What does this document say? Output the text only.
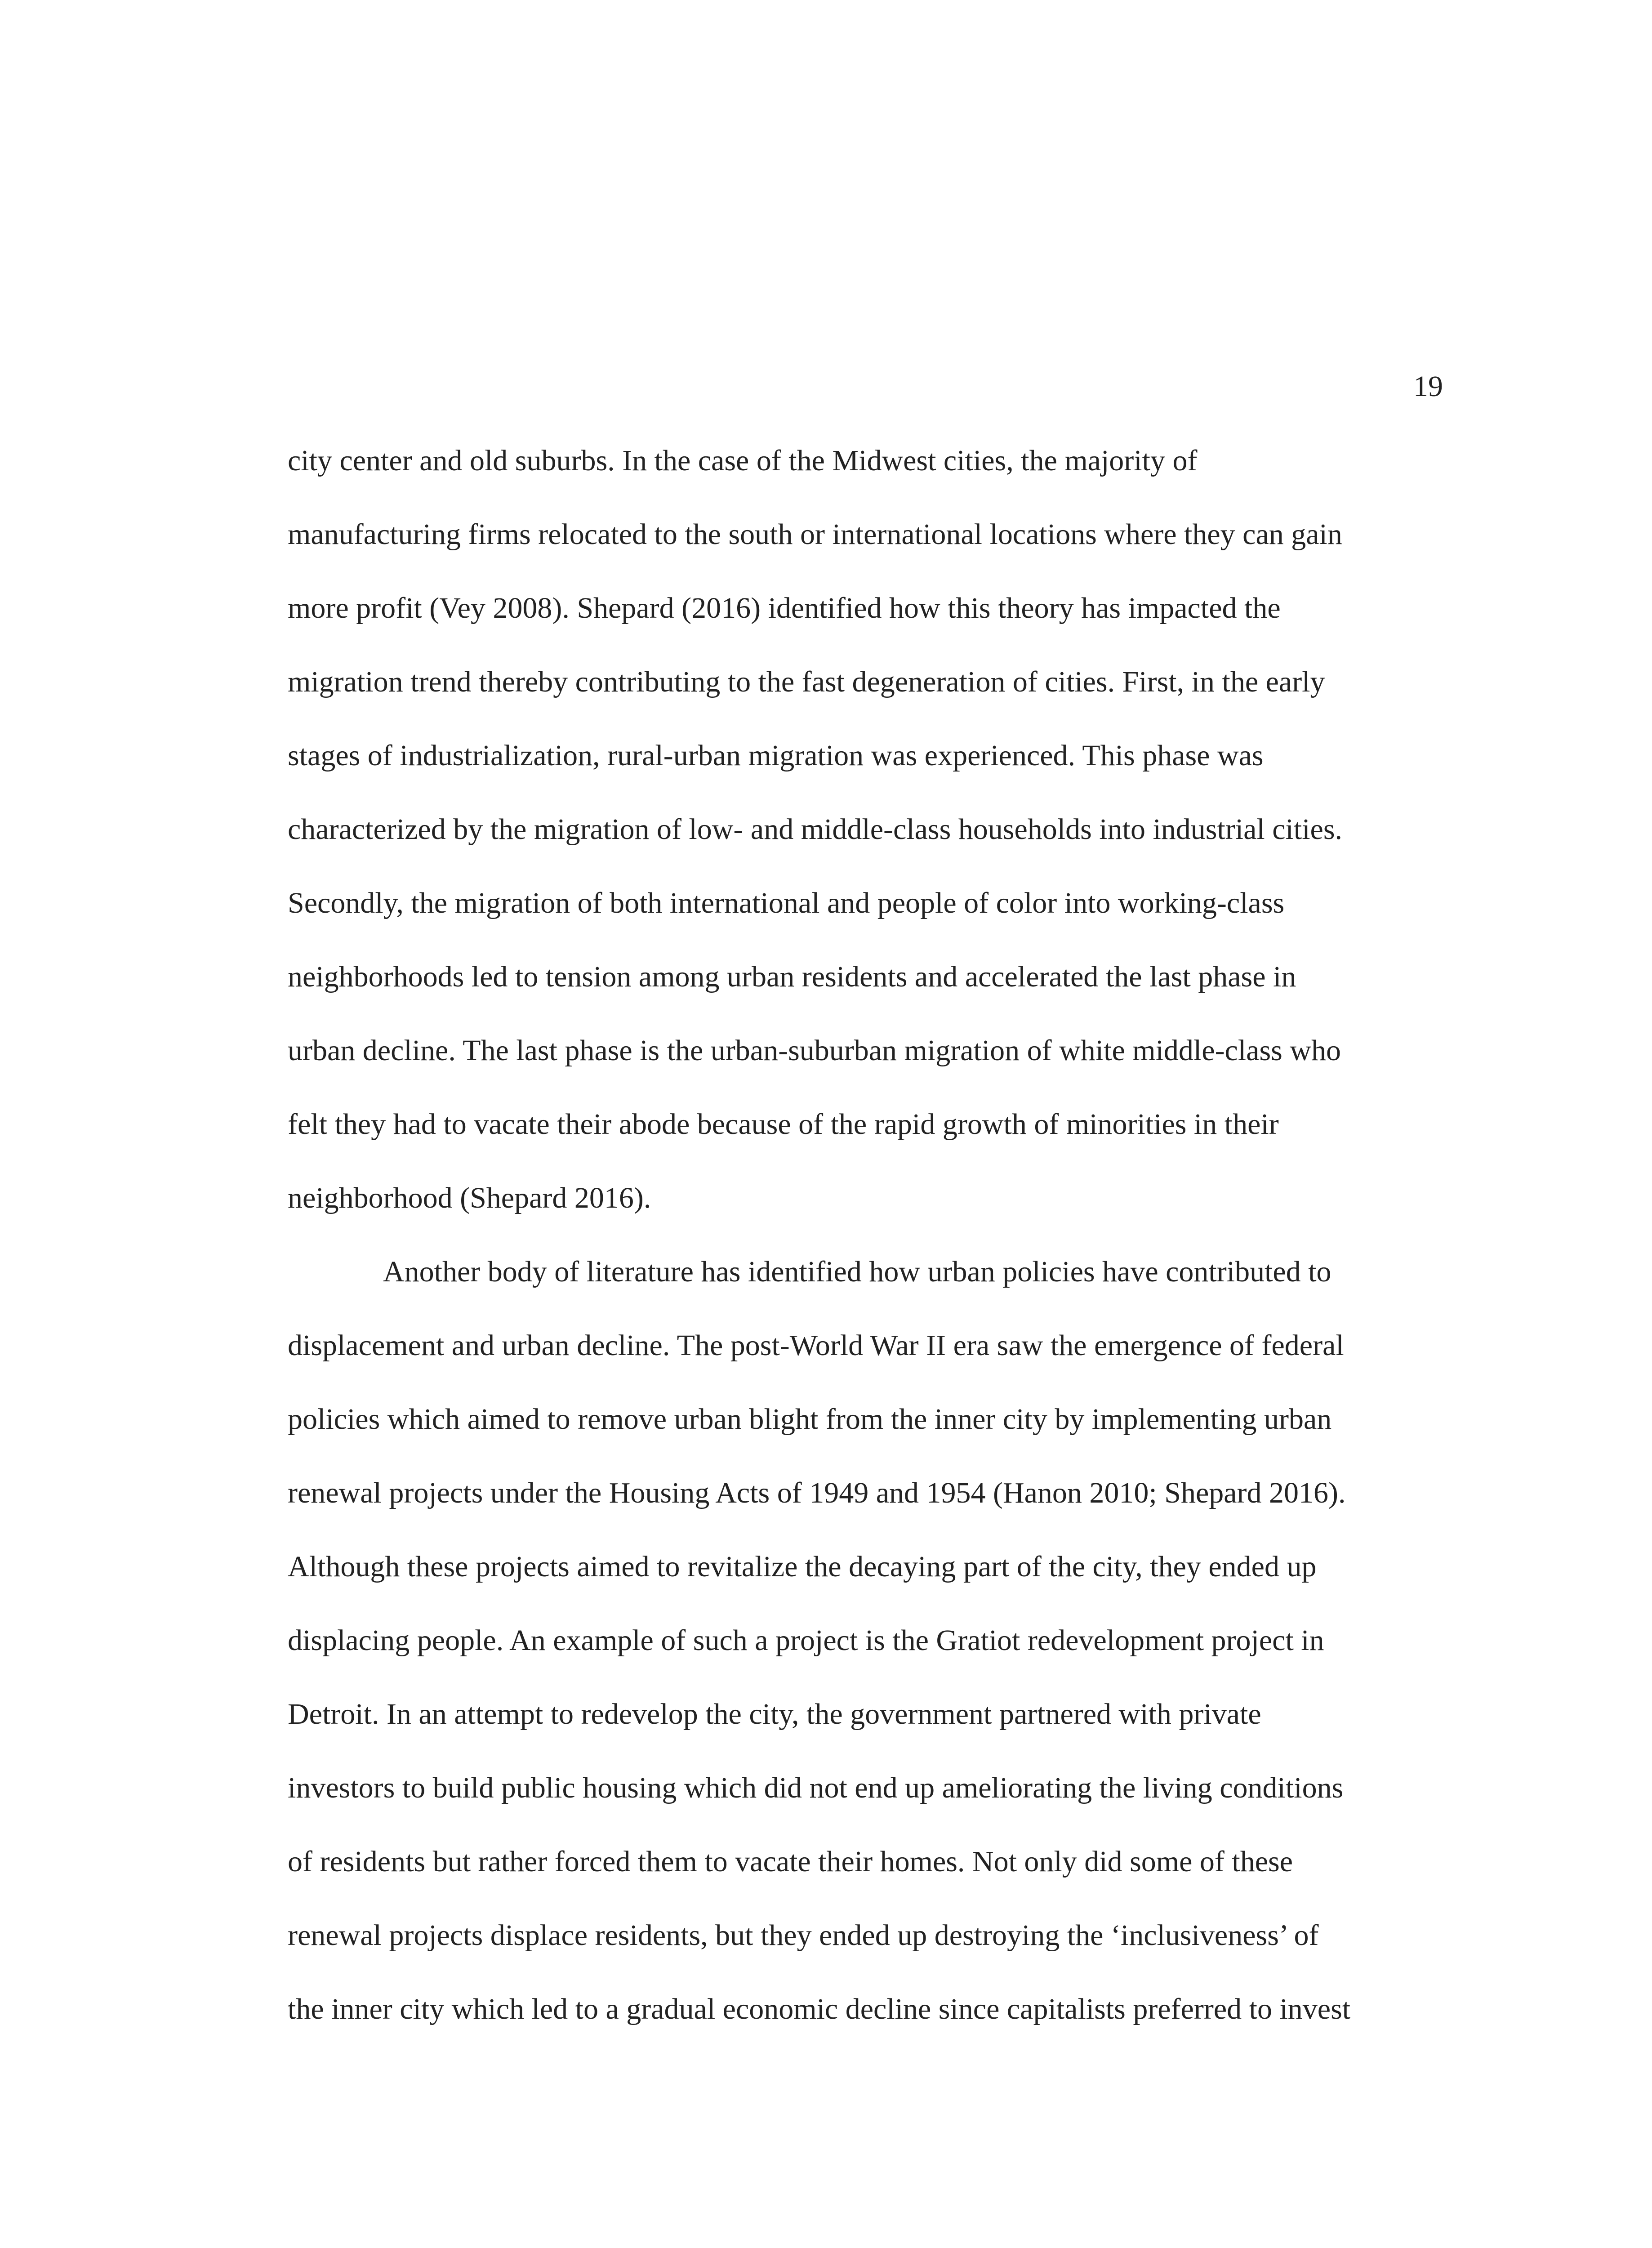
19
city center and old suburbs. In the case of the Midwest cities, the majority of
manufacturing firms relocated to the south or international locations where they can gain
more profit (Vey 2008). Shepard (2016) identified how this theory has impacted the
migration trend thereby contributing to the fast degeneration of cities. First, in the early
stages of industrialization, rural-urban migration was experienced. This phase was
characterized by the migration of low- and middle-class households into industrial cities.
Secondly, the migration of both international and people of color into working-class
neighborhoods led to tension among urban residents and accelerated the last phase in
urban decline. The last phase is the urban-suburban migration of white middle-class who
felt they had to vacate their abode because of the rapid growth of minorities in their
neighborhood (Shepard 2016).
Another body of literature has identified how urban policies have contributed to
displacement and urban decline. The post-World War II era saw the emergence of federal
policies which aimed to remove urban blight from the inner city by implementing urban
renewal projects under the Housing Acts of 1949 and 1954 (Hanon 2010; Shepard 2016).
Although these projects aimed to revitalize the decaying part of the city, they ended up
displacing people. An example of such a project is the Gratiot redevelopment project in
Detroit. In an attempt to redevelop the city, the government partnered with private
investors to build public housing which did not end up ameliorating the living conditions
of residents but rather forced them to vacate their homes. Not only did some of these
renewal projects displace residents, but they ended up destroying the ‘inclusiveness’ of
the inner city which led to a gradual economic decline since capitalists preferred to invest
